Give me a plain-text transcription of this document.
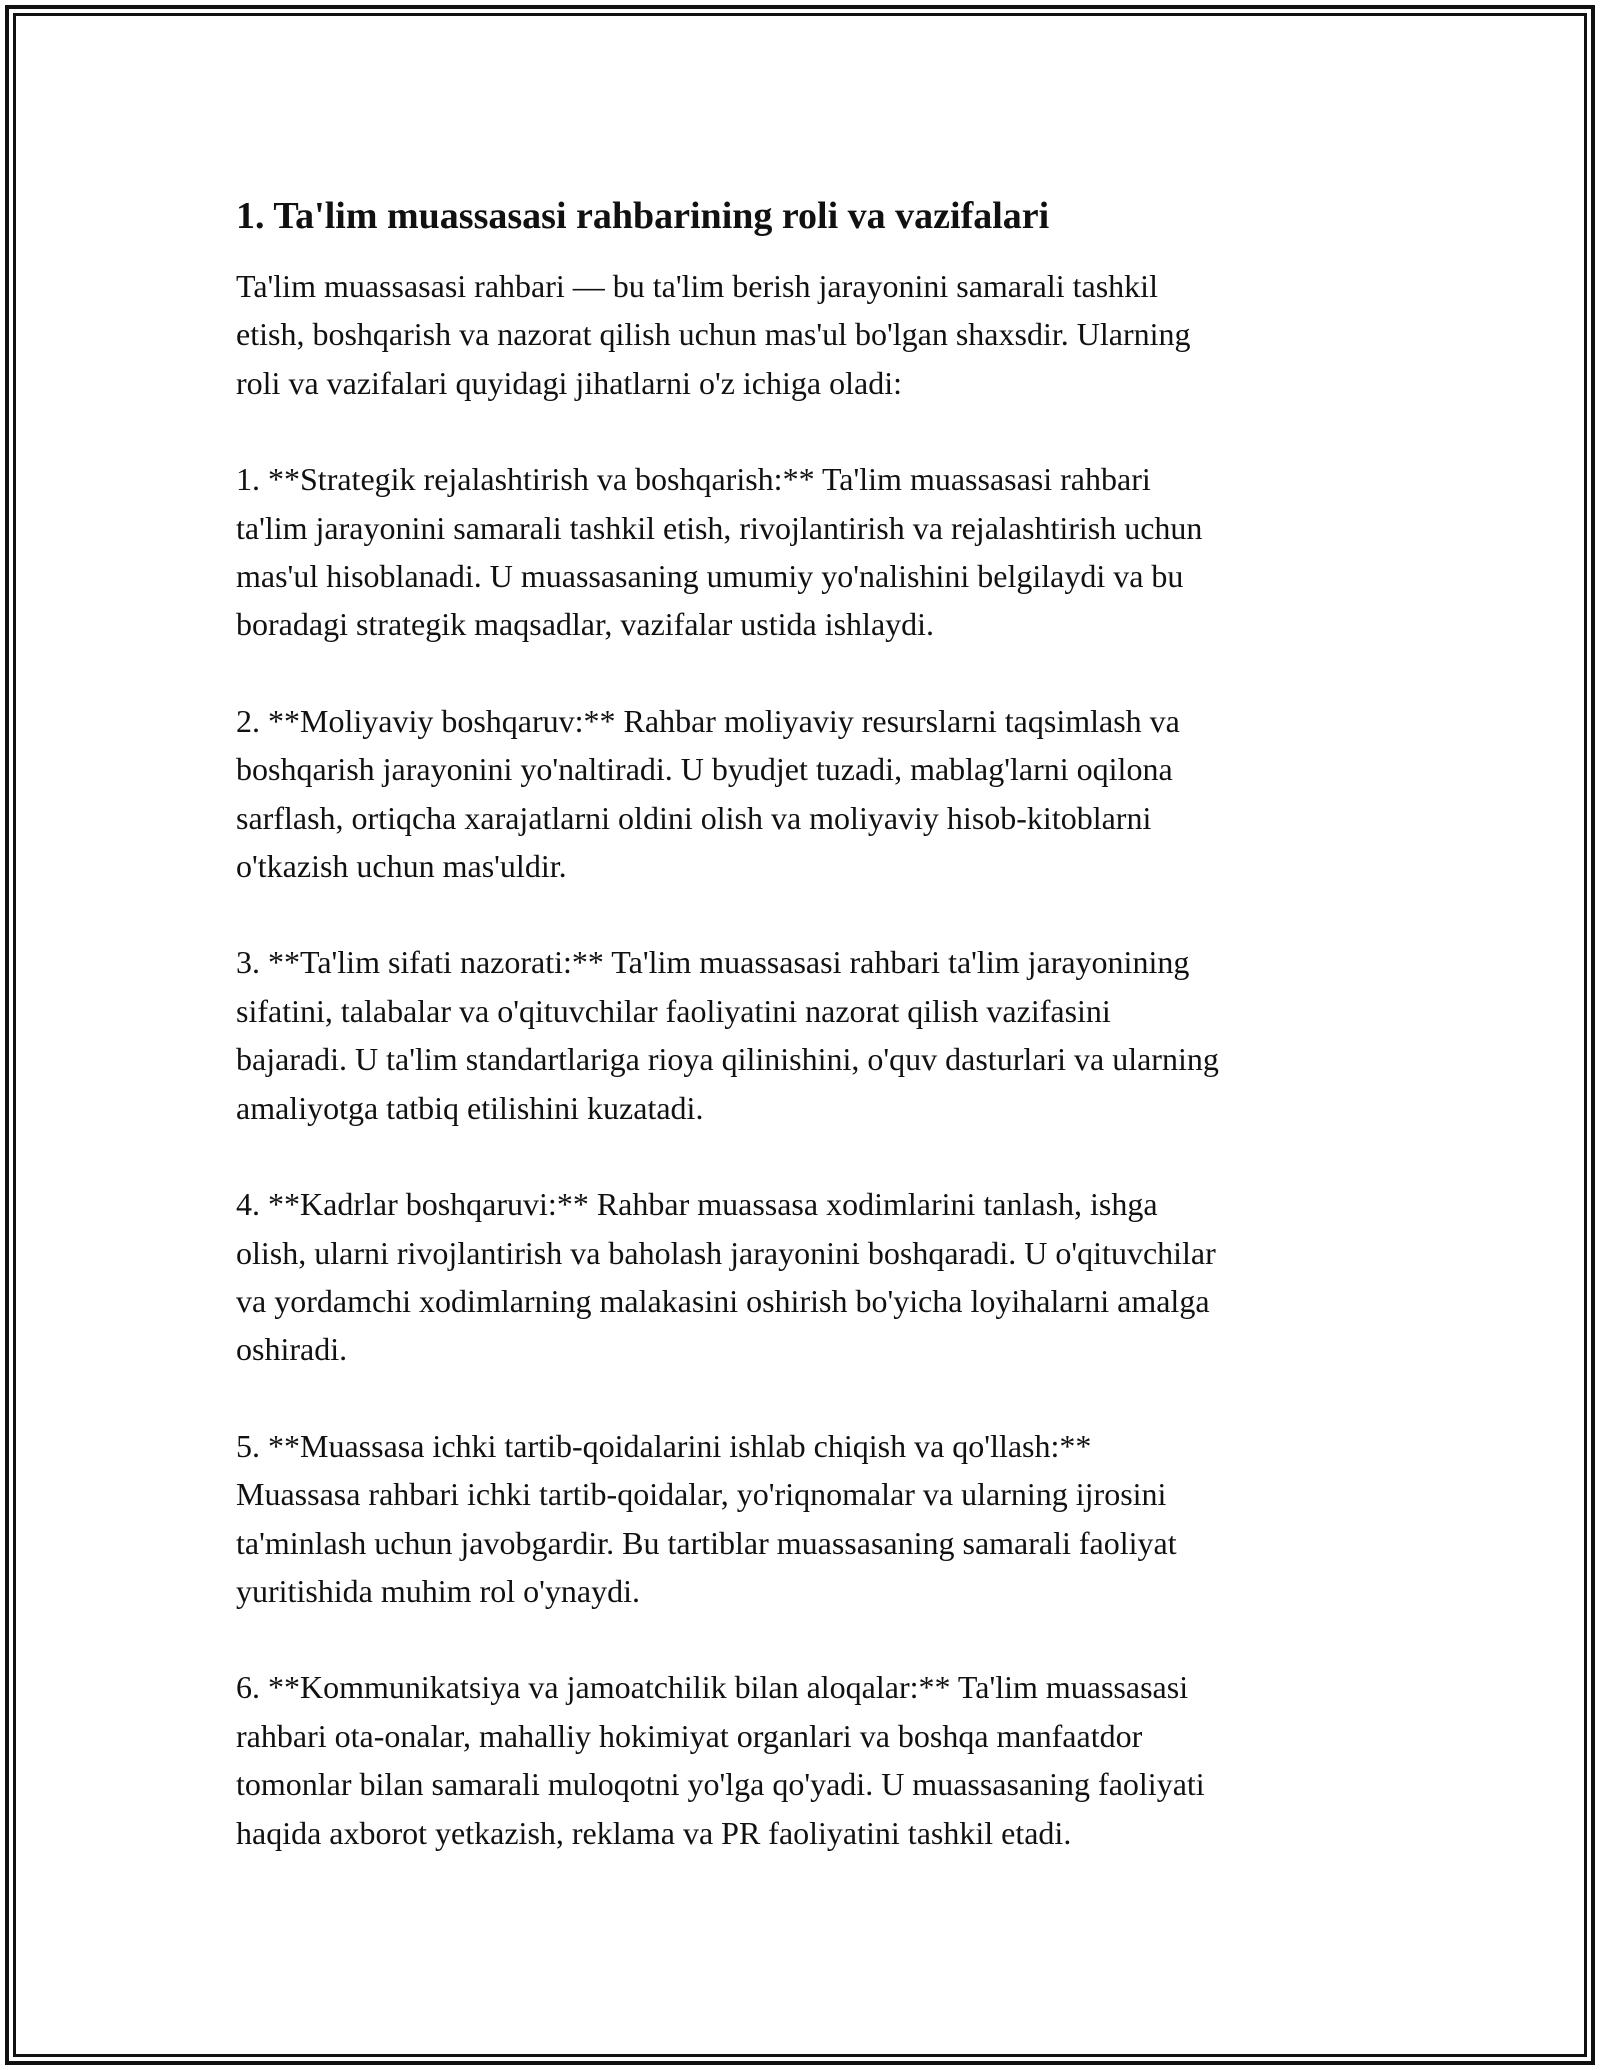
1. Ta'lim muassasasi rahbarining roli va vazifalari

Ta'lim muassasasi rahbari — bu ta'lim berish jarayonini samarali tashkil
etish, boshqarish va nazorat qilish uchun mas'ul bo'lgan shaxsdir. Ularning
roli va vazifalari quyidagi jihatlarni o'z ichiga oladi:

1. **Strategik rejalashtirish va boshqarish:** Ta'lim muassasasi rahbari
ta'lim jarayonini samarali tashkil etish, rivojlantirish va rejalashtirish uchun
mas'ul hisoblanadi. U muassasaning umumiy yo'nalishini belgilaydi va bu
boradagi strategik maqsadlar, vazifalar ustida ishlaydi.

2. **Moliyaviy boshqaruv:** Rahbar moliyaviy resurslarni taqsimlash va
boshqarish jarayonini yo'naltiradi. U byudjet tuzadi, mablag'larni oqilona
sarflash, ortiqcha xarajatlarni oldini olish va moliyaviy hisob-kitoblarni
o'tkazish uchun mas'uldir.

3. **Ta'lim sifati nazorati:** Ta'lim muassasasi rahbari ta'lim jarayonining
sifatini, talabalar va o'qituvchilar faoliyatini nazorat qilish vazifasini
bajaradi. U ta'lim standartlariga rioya qilinishini, o'quv dasturlari va ularning
amaliyotga tatbiq etilishini kuzatadi.

4. **Kadrlar boshqaruvi:** Rahbar muassasa xodimlarini tanlash, ishga
olish, ularni rivojlantirish va baholash jarayonini boshqaradi. U o'qituvchilar
va yordamchi xodimlarning malakasini oshirish bo'yicha loyihalarni amalga
oshiradi.

5. **Muassasa ichki tartib-qoidalarini ishlab chiqish va qo'llash:**
Muassasa rahbari ichki tartib-qoidalar, yo'riqnomalar va ularning ijrosini
ta'minlash uchun javobgardir. Bu tartiblar muassasaning samarali faoliyat
yuritishida muhim rol o'ynaydi.

6. **Kommunikatsiya va jamoatchilik bilan aloqalar:** Ta'lim muassasasi
rahbari ota-onalar, mahalliy hokimiyat organlari va boshqa manfaatdor
tomonlar bilan samarali muloqotni yo'lga qo'yadi. U muassasaning faoliyati
haqida axborot yetkazish, reklama va PR faoliyatini tashkil etadi.
